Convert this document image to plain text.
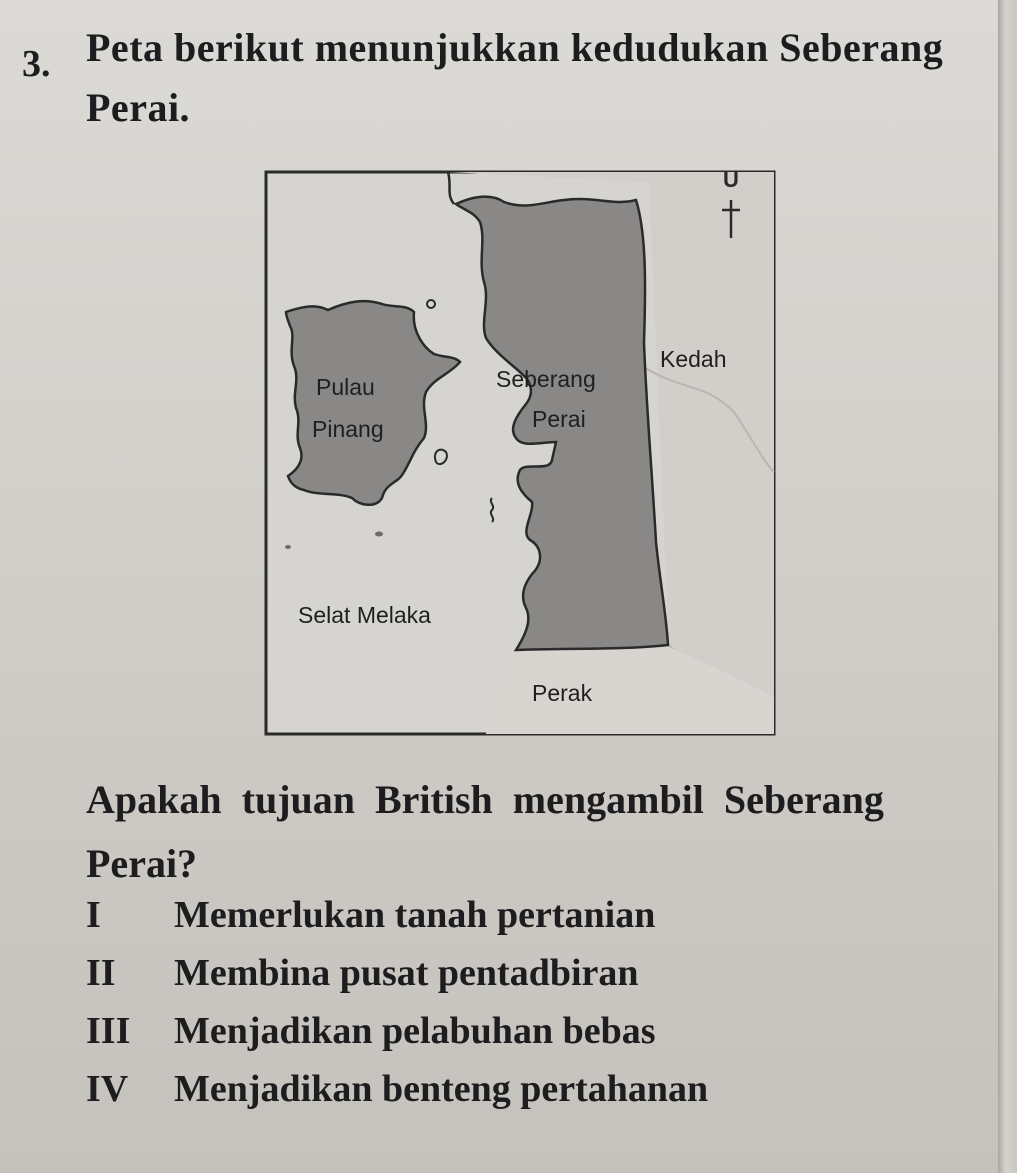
3. Peta berikut menunjukkan kedudukan Seberang Perai.
U
Pulau
Pinang
Seberang
Perai
Kedah
Selat Melaka
Perak
Apakah tujuan British mengambil Seberang Perai?
I Memerlukan tanah pertanian
II Membina pusat pentadbiran
III Menjadikan pelabuhan bebas
IV Menjadikan benteng pertahanan
